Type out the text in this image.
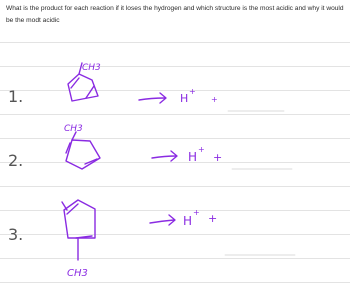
What is the product for each reaction if it loses the hydrogen and which structure is the most acidic and why it would be the modt acidic
1.
2.
3.
CH3
CH3
CH3
H
+
+
H
+
+
H
+ +
